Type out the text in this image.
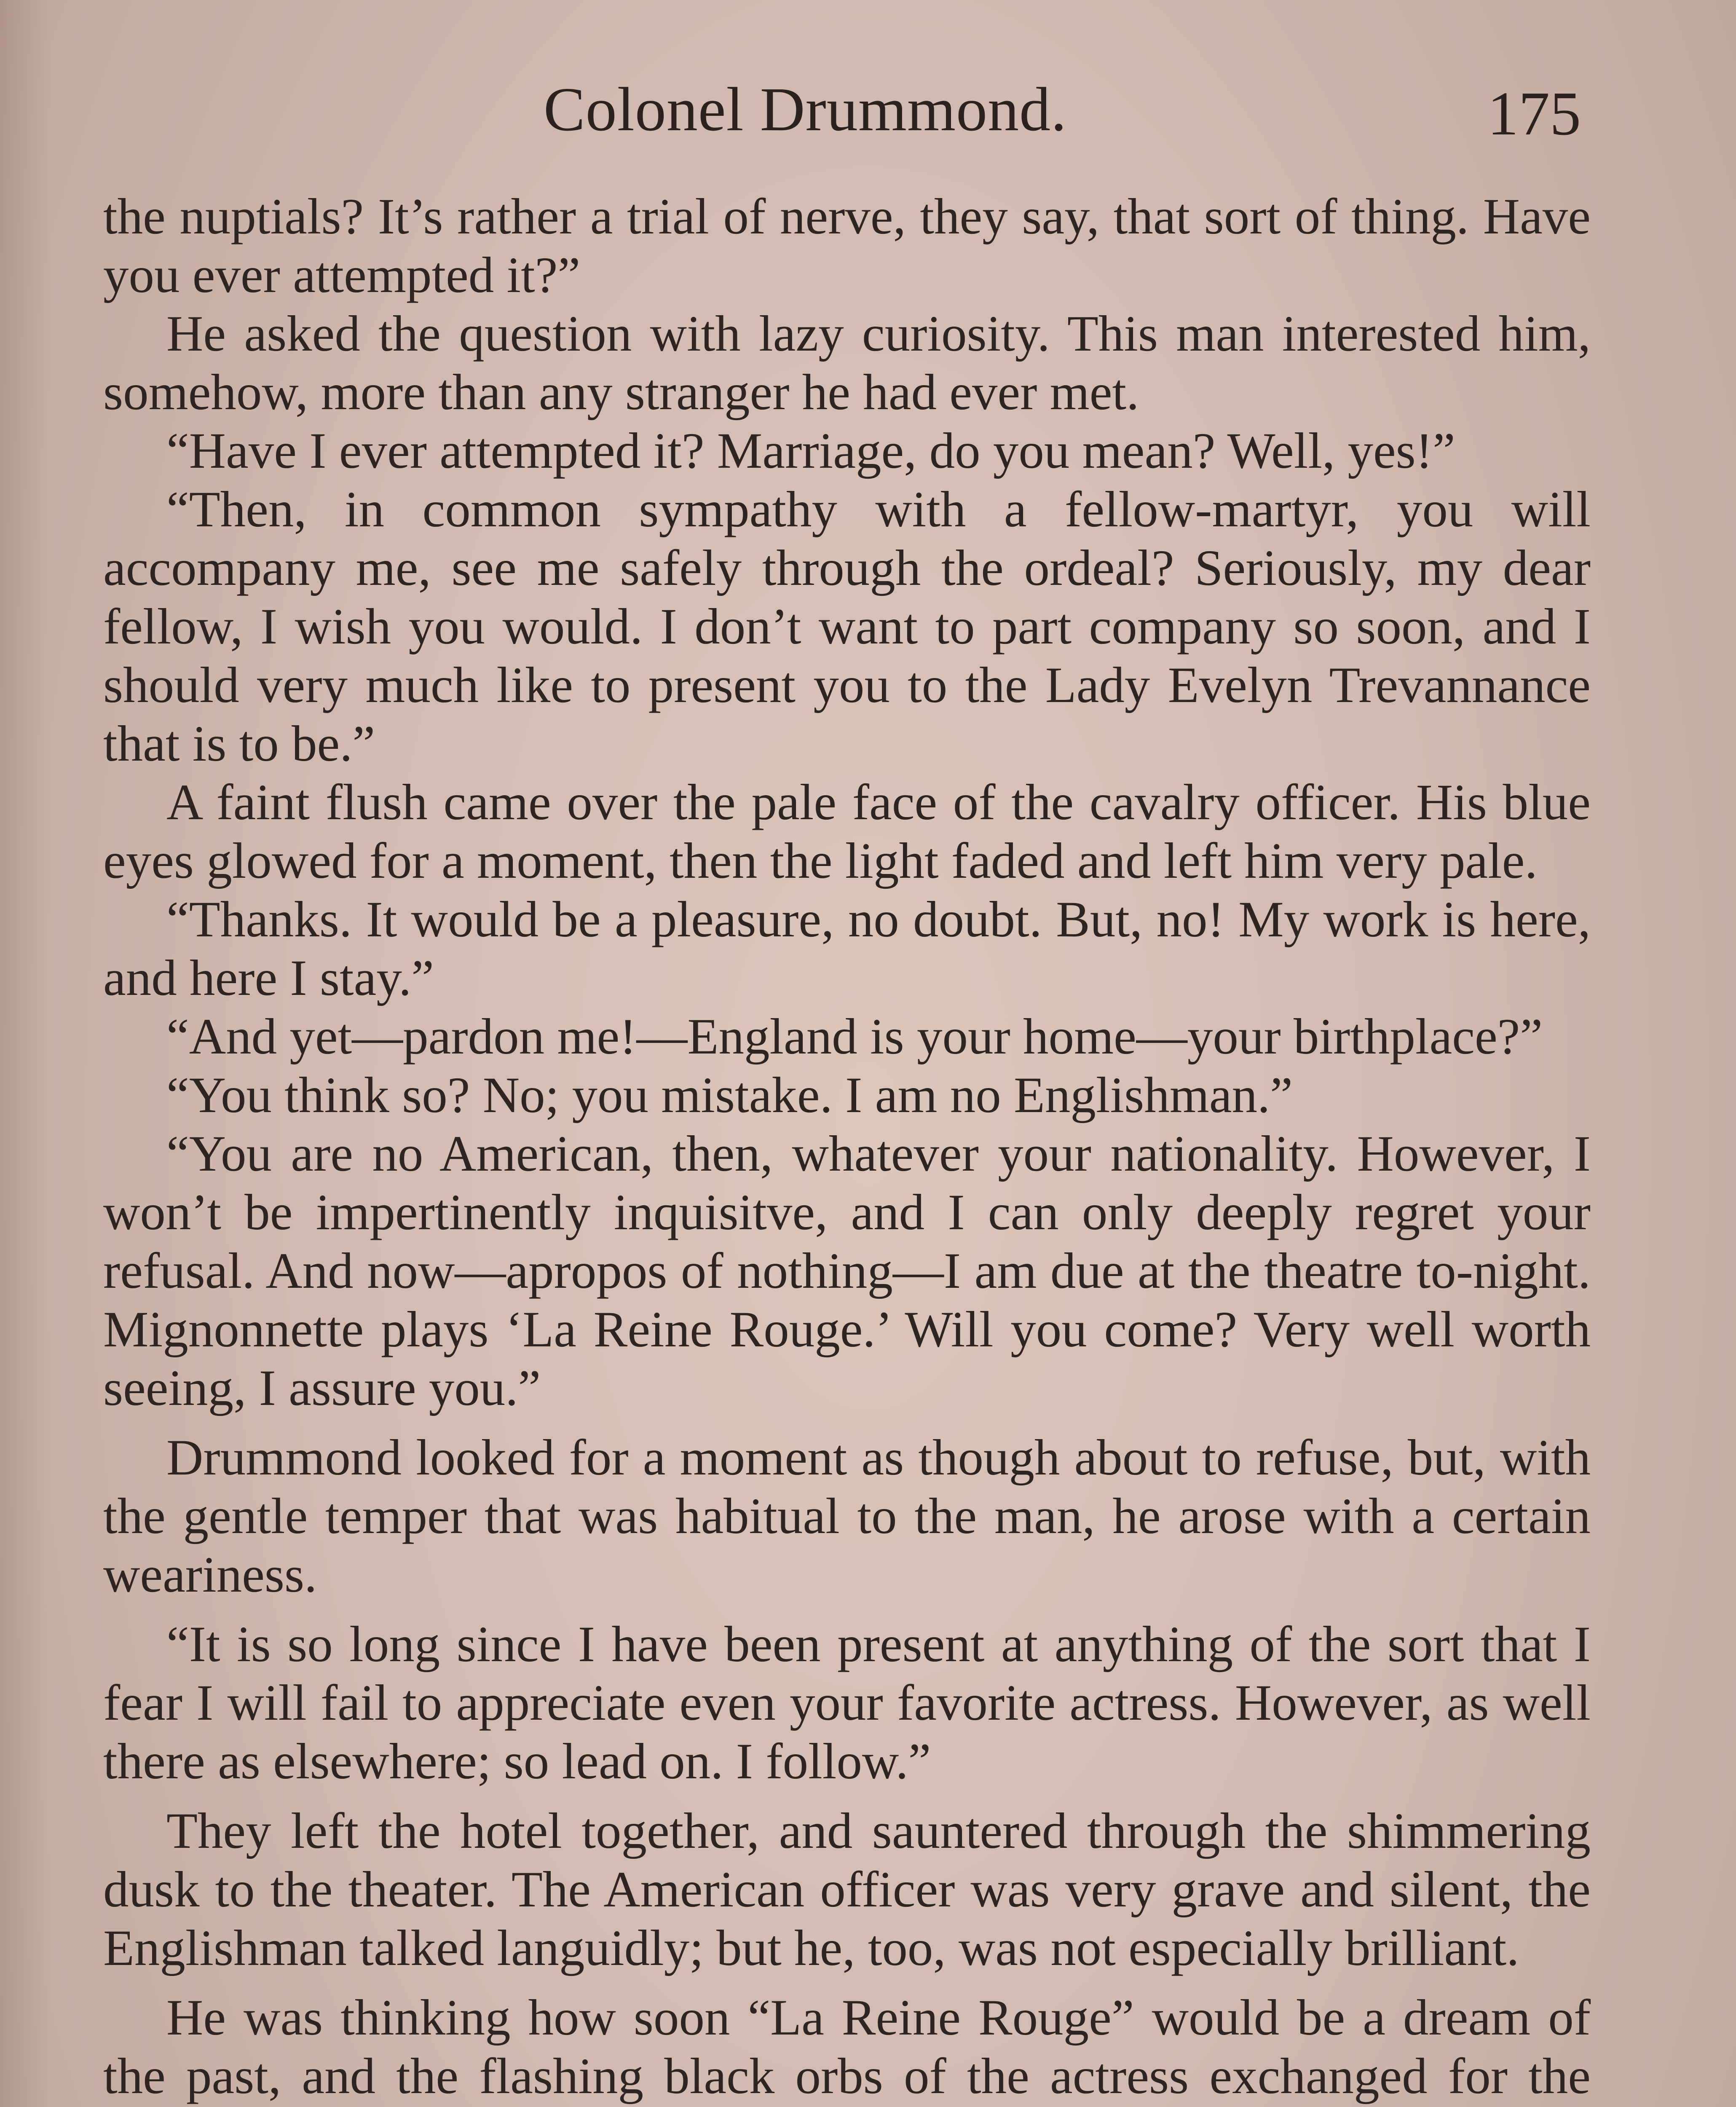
Colonel Drummond.	175

the nuptials? It’s rather a trial of nerve, they say, that sort of thing. Have you ever attempted it?”

He asked the question with lazy curiosity. This man interested him, somehow, more than any stranger he had ever met.

“Have I ever attempted it? Marriage, do you mean? Well, yes!”

“Then, in common sympathy with a fellow-martyr, you will accompany me, see me safely through the ordeal? Seriously, my dear fellow, I wish you would. I don’t want to part company so soon, and I should very much like to present you to the Lady Evelyn Trevannance that is to be.”

A faint flush came over the pale face of the cavalry officer. His blue eyes glowed for a moment, then the light faded and left him very pale.

“Thanks. It would be a pleasure, no doubt. But, no! My work is here, and here I stay.”

“And yet—pardon me!—England is your home—your birthplace?”

“You think so? No; you mistake. I am no Englishman.”

“You are no American, then, whatever your nationality. However, I won’t be impertinently inquisitve, and I can only deeply regret your refusal. And now—apropos of nothing—I am due at the theatre to-night. Mignonnette plays ‘La Reine Rouge.’ Will you come? Very well worth seeing, I assure you.”

Drummond looked for a moment as though about to refuse, but, with the gentle temper that was habitual to the man, he arose with a certain weariness.

“It is so long since I have been present at anything of the sort that I fear I will fail to appreciate even your favorite actress. However, as well there as elsewhere; so lead on. I follow.”

They left the hotel together, and sauntered through the shimmering dusk to the theater. The American officer was very grave and silent, the Englishman talked languidly; but he, too, was not especially brilliant.

He was thinking how soon “La Reine Rouge” would be a dream of the past, and the flashing black orbs of the actress exchanged for the
